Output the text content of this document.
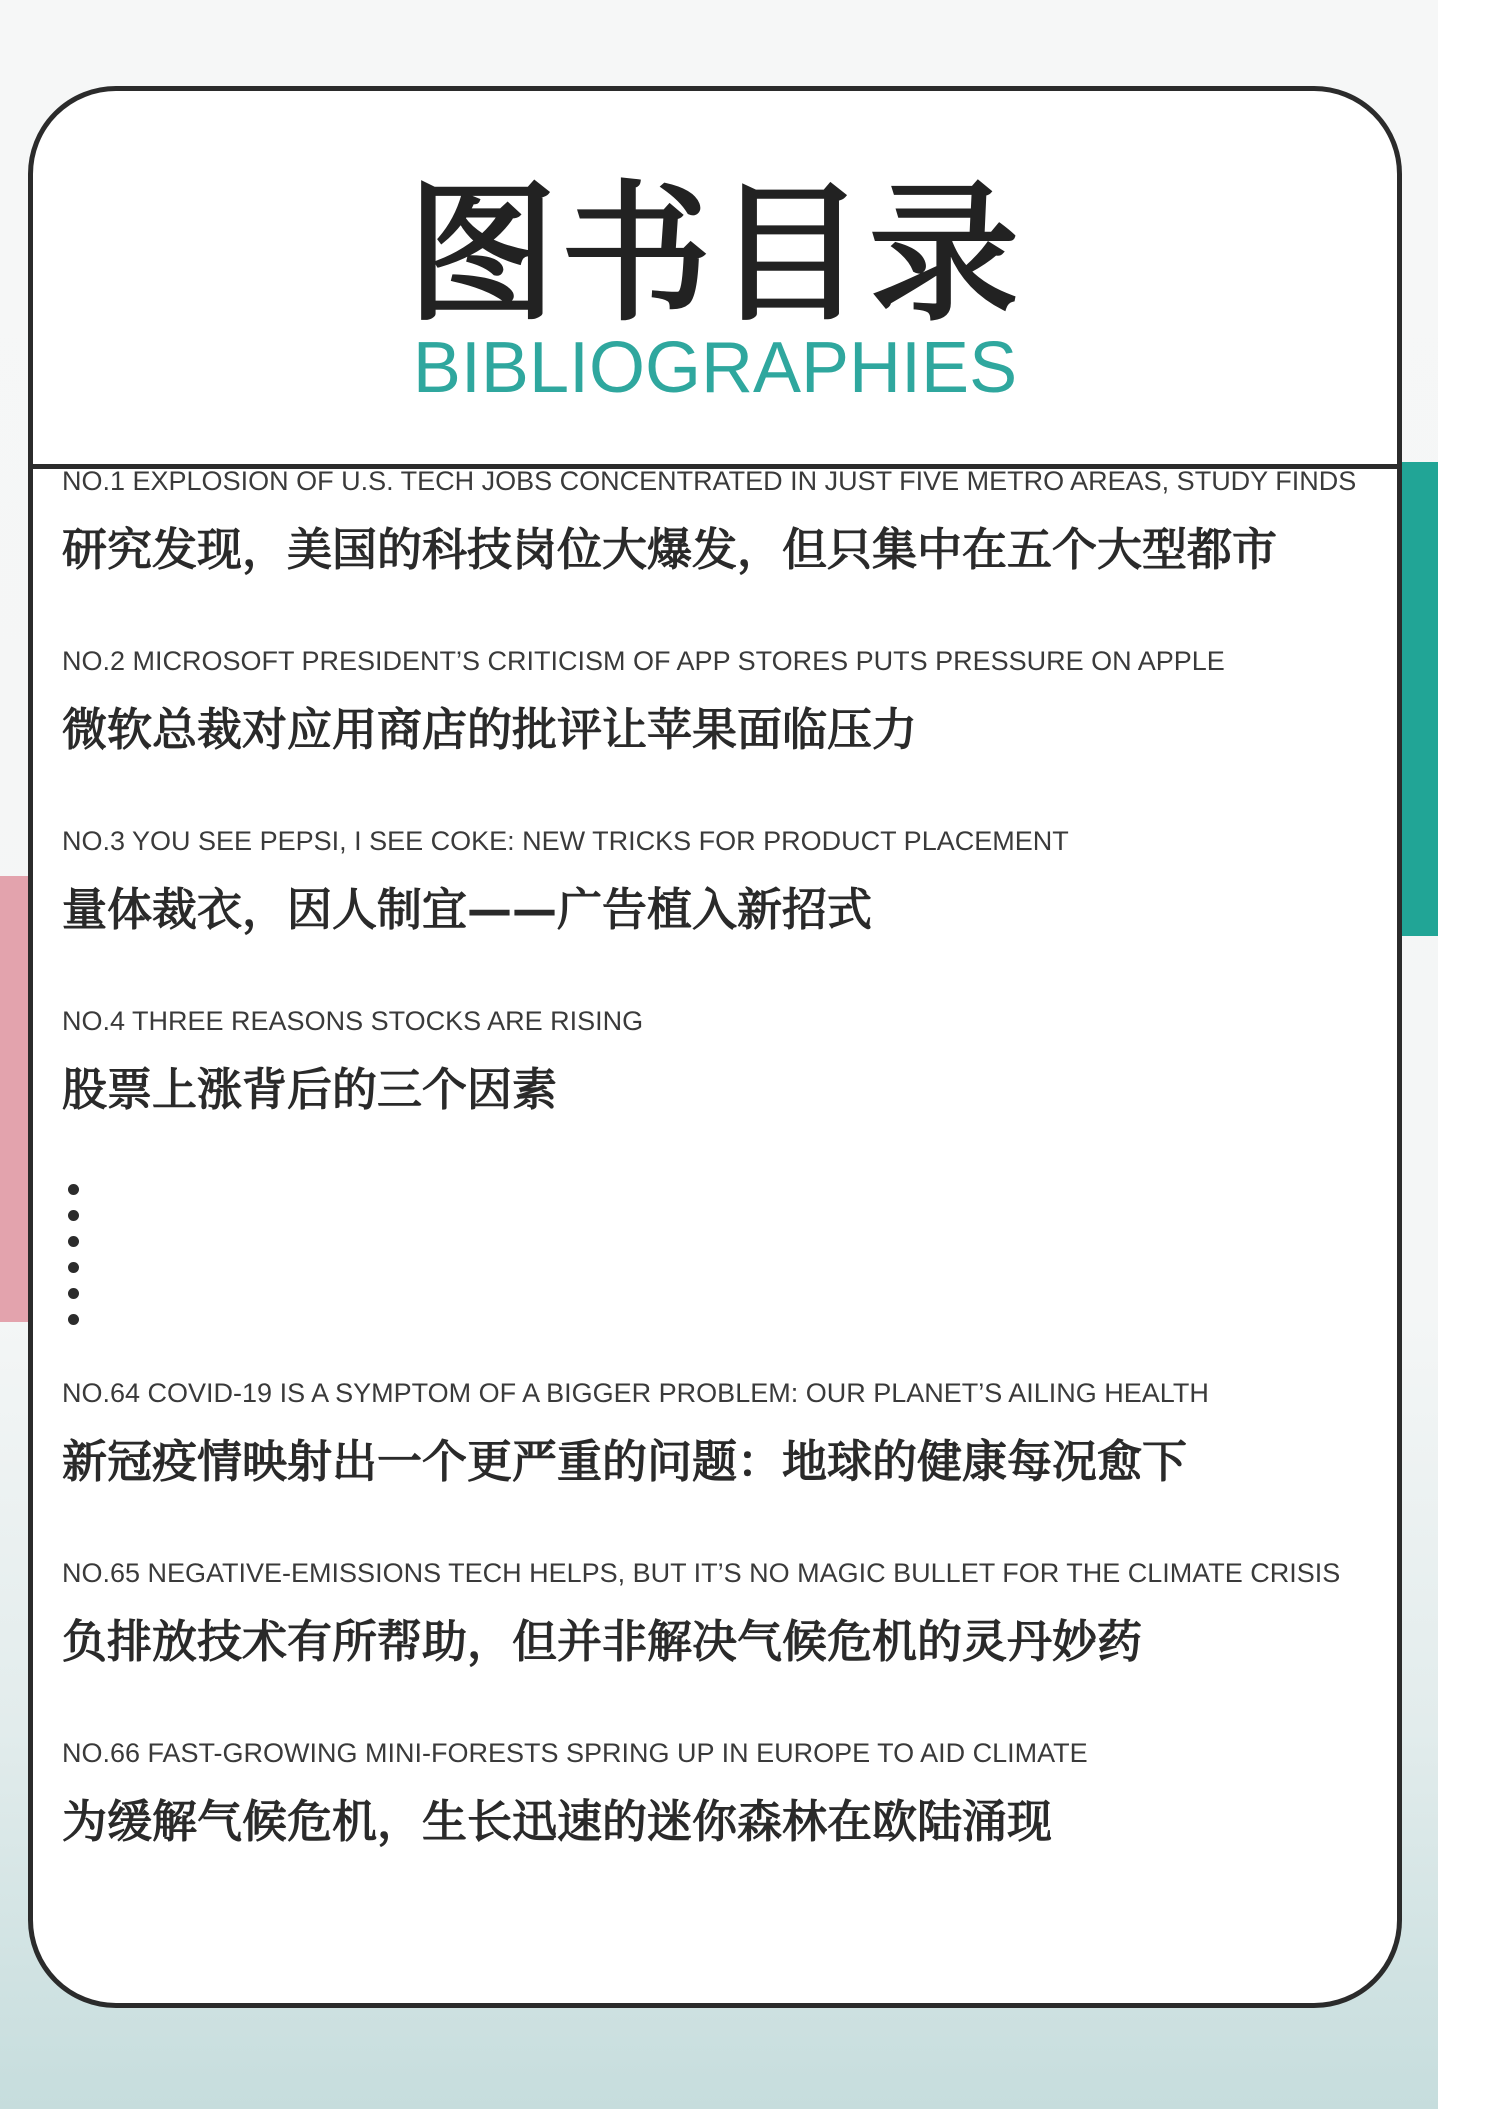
图书目录
BIBLIOGRAPHIES
NO.1 EXPLOSION OF U.S. TECH JOBS CONCENTRATED IN JUST FIVE METRO AREAS, STUDY FINDS
研究发现，美国的科技岗位大爆发，但只集中在五个大型都市
NO.2 MICROSOFT PRESIDENT’S CRITICISM OF APP STORES PUTS PRESSURE ON APPLE
微软总裁对应用商店的批评让苹果面临压力
NO.3 YOU SEE PEPSI, I SEE COKE: NEW TRICKS FOR PRODUCT PLACEMENT
量体裁衣，因人制宜——广告植入新招式
NO.4 THREE REASONS STOCKS ARE RISING
股票上涨背后的三个因素
NO.64 COVID-19 IS A SYMPTOM OF A BIGGER PROBLEM: OUR PLANET’S AILING HEALTH
新冠疫情映射出一个更严重的问题：地球的健康每况愈下
NO.65 NEGATIVE-EMISSIONS TECH HELPS, BUT IT’S NO MAGIC BULLET FOR THE CLIMATE CRISIS
负排放技术有所帮助，但并非解决气候危机的灵丹妙药
NO.66 FAST-GROWING MINI-FORESTS SPRING UP IN EUROPE TO AID CLIMATE
为缓解气候危机，生长迅速的迷你森林在欧陆涌现
